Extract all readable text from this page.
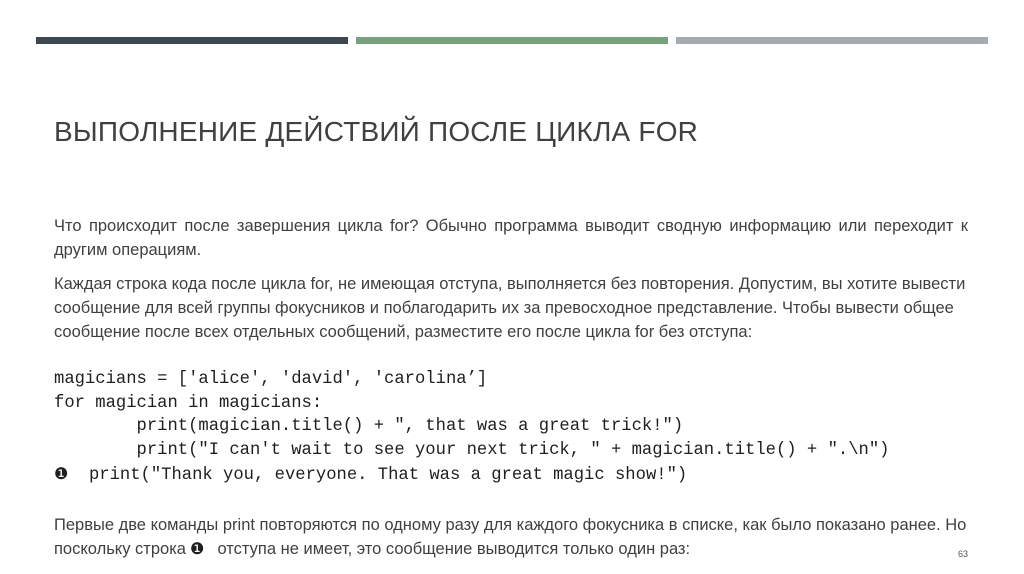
ВЫПОЛНЕНИЕ ДЕЙСТВИЙ ПОСЛЕ ЦИКЛА FOR
Что происходит после завершения цикла for? Обычно программа выводит сводную информацию или переходит к другим операциям.
Каждая строка кода после цикла for, не имеющая отступа, выполняется без повторения. Допустим, вы хотите вывести сообщение для всей группы фокусников и поблагодарить их за превосходное представление. Чтобы вывести общее сообщение после всех отдельных сообщений, разместите его после цикла for без отступа:
magicians = ['alice', 'david', 'carolina’]
for magician in magicians:
print(magician.title() + ", that was a great trick!")
print("I can't wait to see your next trick, " + magician.title() + ".\n")
❶  print("Thank you, everyone. That was a great magic show!")
Первые две команды print повторяются по одному разу для каждого фокусника в списке, как было показано ранее. Но поскольку строка ❶ отступа не имеет, это сообщение выводится только один раз:	63
